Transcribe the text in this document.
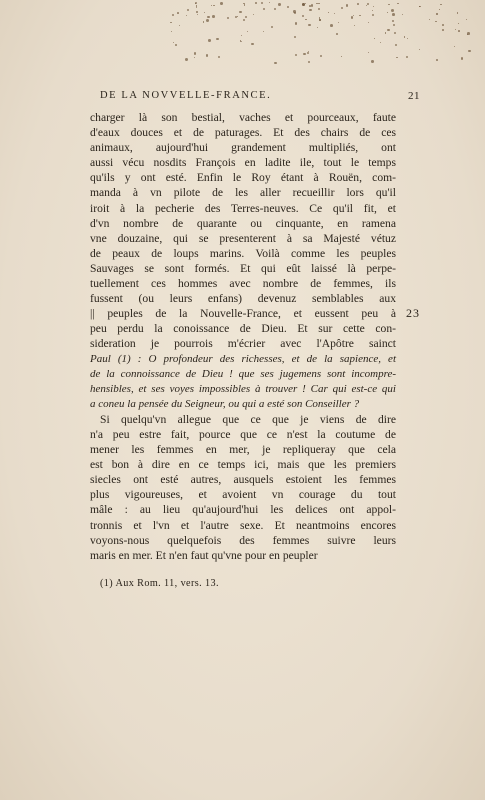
DE LA NOVVELLE-FRANCE.	21
charger là son bestial, vaches et pourceaux, faute
d'eaux douces et de paturages. Et des chairs de ces
animaux, aujourd'hui grandement multipliés, ont
aussi vécu nosdits François en ladite ile, tout le temps
qu'ils y ont esté. Enfin le Roy étant à Rouën, com-
manda à vn pilote de les aller recueillir lors qu'il
iroit à la pecherie des Terres-neuves. Ce qu'il fit, et
d'vn nombre de quarante ou cinquante, en ramena
vne douzaine, qui se presenterent à sa Majesté vétuz
de peaux de loups marins. Voilà comme les peuples
Sauvages se sont formés. Et qui eût laissé là perpe-
tuellement ces hommes avec nombre de femmes, ils
fussent (ou leurs enfans) devenuz semblables aux
|| peuples de la Nouvelle-France, et eussent peu à
peu perdu la conoissance de Dieu. Et sur cette con-
sideration je pourrois m'écrier avec l'Apôtre sainct
Paul (1) : O profondeur des richesses, et de la sapience, et
de la connoissance de Dieu ! que ses jugemens sont incompre-
hensibles, et ses voyes impossibles à trouver ! Car qui est-ce qui
a coneu la pensée du Seigneur, ou qui a esté son Conseiller ?
Si quelqu'vn allegue que ce que je viens de dire
n'a peu estre fait, pource que ce n'est la coutume de
mener les femmes en mer, je repliqueray que cela
est bon à dire en ce temps ici, mais que les premiers
siecles ont esté autres, ausquels estoient les femmes
plus vigoureuses, et avoient vn courage du tout
mâle : au lieu qu'aujourd'hui les delices ont appol-
tronnis et l'vn et l'autre sexe. Et neantmoins encores
voyons-nous quelquefois des femmes suivre leurs
maris en mer. Et n'en faut qu'vne pour en peupler
23
(1) Aux Rom. 11, vers. 13.
